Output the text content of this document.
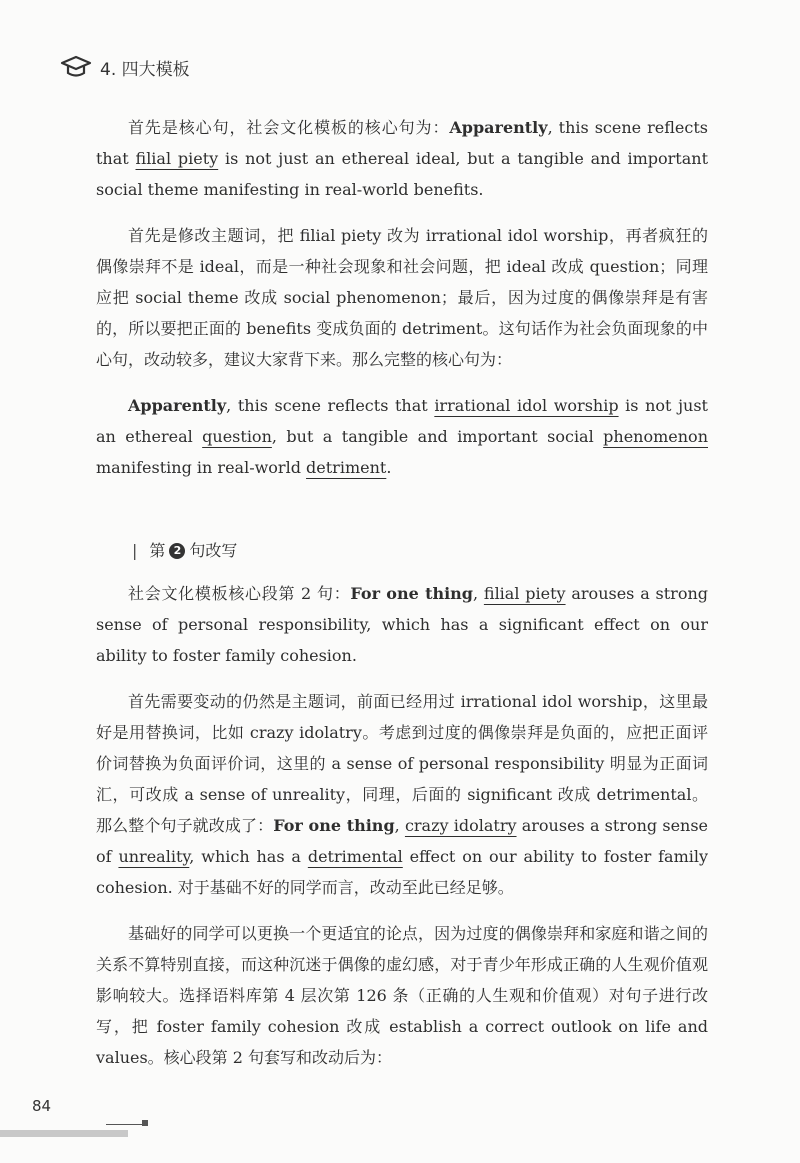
4. 四大模板

首先是核心句，社会文化模板的核心句为：Apparently, this scene reflects that filial piety is not just an ethereal ideal, but a tangible and important social theme manifesting in real-world benefits.

首先是修改主题词，把 filial piety 改为 irrational idol worship，再者疯狂的偶像崇拜不是 ideal，而是一种社会现象和社会问题，把 ideal 改成 question；同理应把 social theme 改成 social phenomenon；最后，因为过度的偶像崇拜是有害的，所以要把正面的 benefits 变成负面的 detriment。这句话作为社会负面现象的中心句，改动较多，建议大家背下来。那么完整的核心句为：

Apparently, this scene reflects that irrational idol worship is not just an ethereal question, but a tangible and important social phenomenon manifesting in real-world detriment.

| 第 2 句改写

社会文化模板核心段第 2 句：For one thing, filial piety arouses a strong sense of personal responsibility, which has a significant effect on our ability to foster family cohesion.

首先需要变动的仍然是主题词，前面已经用过 irrational idol worship，这里最好是用替换词，比如 crazy idolatry。考虑到过度的偶像崇拜是负面的，应把正面评价词替换为负面评价词，这里的 a sense of personal responsibility 明显为正面词汇，可改成 a sense of unreality，同理，后面的 significant 改成 detrimental。那么整个句子就改成了：For one thing, crazy idolatry arouses a strong sense of unreality, which has a detrimental effect on our ability to foster family cohesion. 对于基础不好的同学而言，改动至此已经足够。

基础好的同学可以更换一个更适宜的论点，因为过度的偶像崇拜和家庭和谐之间的关系不算特别直接，而这种沉迷于偶像的虚幻感，对于青少年形成正确的人生观价值观影响较大。选择语料库第 4 层次第 126 条（正确的人生观和价值观）对句子进行改写，把 foster family cohesion 改成 establish a correct outlook on life and values。核心段第 2 句套写和改动后为：

84
